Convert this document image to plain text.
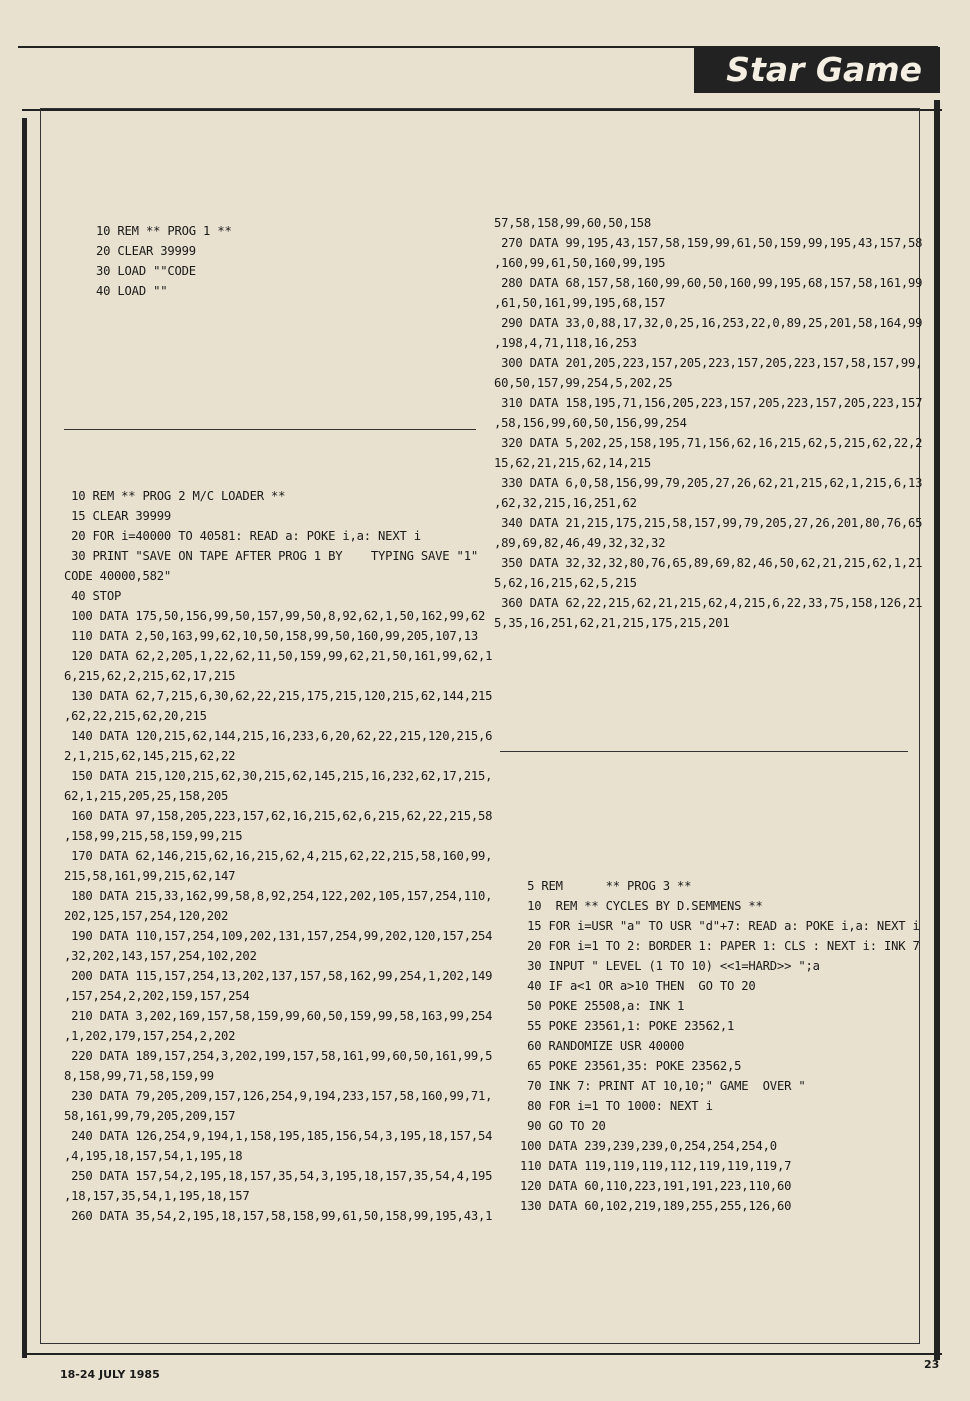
Star Game
10 REM ** PROG 1 **
20 CLEAR 39999
30 LOAD ""CODE
40 LOAD ""
10 REM ** PROG 2 M/C LOADER **
15 CLEAR 39999
20 FOR i=40000 TO 40581: READ a: POKE i,a: NEXT i
30 PRINT "SAVE ON TAPE AFTER PROG 1 BY    TYPING SAVE "1"
CODE 40000,582"
40 STOP
100 DATA 175,50,156,99,50,157,99,50,8,92,62,1,50,162,99,62
110 DATA 2,50,163,99,62,10,50,158,99,50,160,99,205,107,13
120 DATA 62,2,205,1,22,62,11,50,159,99,62,21,50,161,99,62,1
6,215,62,2,215,62,17,215
130 DATA 62,7,215,6,30,62,22,215,175,215,120,215,62,144,215
,62,22,215,62,20,215
140 DATA 120,215,62,144,215,16,233,6,20,62,22,215,120,215,6
2,1,215,62,145,215,62,22
150 DATA 215,120,215,62,30,215,62,145,215,16,232,62,17,215,
62,1,215,205,25,158,205
160 DATA 97,158,205,223,157,62,16,215,62,6,215,62,22,215,58
,158,99,215,58,159,99,215
170 DATA 62,146,215,62,16,215,62,4,215,62,22,215,58,160,99,
215,58,161,99,215,62,147
180 DATA 215,33,162,99,58,8,92,254,122,202,105,157,254,110,
202,125,157,254,120,202
190 DATA 110,157,254,109,202,131,157,254,99,202,120,157,254
,32,202,143,157,254,102,202
200 DATA 115,157,254,13,202,137,157,58,162,99,254,1,202,149
,157,254,2,202,159,157,254
210 DATA 3,202,169,157,58,159,99,60,50,159,99,58,163,99,254
,1,202,179,157,254,2,202
220 DATA 189,157,254,3,202,199,157,58,161,99,60,50,161,99,5
8,158,99,71,58,159,99
230 DATA 79,205,209,157,126,254,9,194,233,157,58,160,99,71,
58,161,99,79,205,209,157
240 DATA 126,254,9,194,1,158,195,185,156,54,3,195,18,157,54
,4,195,18,157,54,1,195,18
250 DATA 157,54,2,195,18,157,35,54,3,195,18,157,35,54,4,195
,18,157,35,54,1,195,18,157
260 DATA 35,54,2,195,18,157,58,158,99,61,50,158,99,195,43,1
57,58,158,99,60,50,158
270 DATA 99,195,43,157,58,159,99,61,50,159,99,195,43,157,58
,160,99,61,50,160,99,195
280 DATA 68,157,58,160,99,60,50,160,99,195,68,157,58,161,99
,61,50,161,99,195,68,157
290 DATA 33,0,88,17,32,0,25,16,253,22,0,89,25,201,58,164,99
,198,4,71,118,16,253
300 DATA 201,205,223,157,205,223,157,205,223,157,58,157,99,
60,50,157,99,254,5,202,25
310 DATA 158,195,71,156,205,223,157,205,223,157,205,223,157
,58,156,99,60,50,156,99,254
320 DATA 5,202,25,158,195,71,156,62,16,215,62,5,215,62,22,2
15,62,21,215,62,14,215
330 DATA 6,0,58,156,99,79,205,27,26,62,21,215,62,1,215,6,13
,62,32,215,16,251,62
340 DATA 21,215,175,215,58,157,99,79,205,27,26,201,80,76,65
,89,69,82,46,49,32,32,32
350 DATA 32,32,32,80,76,65,89,69,82,46,50,62,21,215,62,1,21
5,62,16,215,62,5,215
360 DATA 62,22,215,62,21,215,62,4,215,6,22,33,75,158,126,21
5,35,16,251,62,21,215,175,215,201
5 REM      ** PROG 3 **
10  REM ** CYCLES BY D.SEMMENS **
15 FOR i=USR "a" TO USR "d"+7: READ a: POKE i,a: NEXT i
20 FOR i=1 TO 2: BORDER 1: PAPER 1: CLS : NEXT i: INK 7
30 INPUT " LEVEL (1 TO 10) <<1=HARD>> ";a
40 IF a<1 OR a>10 THEN  GO TO 20
50 POKE 25508,a: INK 1
55 POKE 23561,1: POKE 23562,1
60 RANDOMIZE USR 40000
65 POKE 23561,35: POKE 23562,5
70 INK 7: PRINT AT 10,10;" GAME  OVER "
80 FOR i=1 TO 1000: NEXT i
90 GO TO 20
100 DATA 239,239,239,0,254,254,254,0
110 DATA 119,119,119,112,119,119,119,7
120 DATA 60,110,223,191,191,223,110,60
130 DATA 60,102,219,189,255,255,126,60
18-24 JULY 1985
23
